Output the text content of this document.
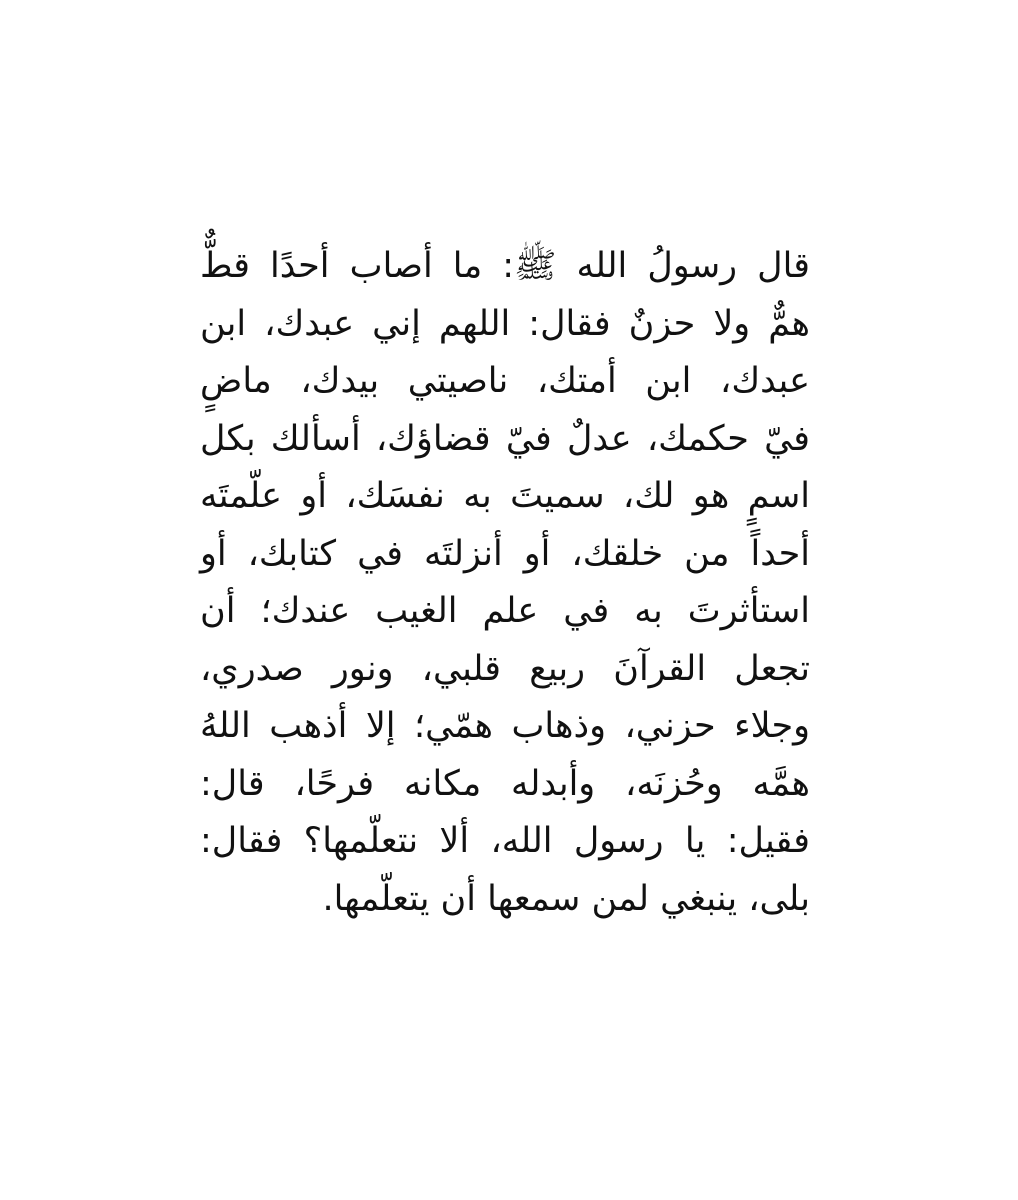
قال رسولُ الله ﷺ: ما أصاب أحدًا قطٌّ
همٌّ ولا حزنٌ فقال: اللهم إني عبدك، ابن
عبدك، ابن أمتك، ناصيتي بيدك، ماضٍ
فيّ حكمك، عدلٌ فيّ قضاؤك، أسألك بكل
اسمٍ هو لك، سميتَ به نفسَك، أو علّمتَه
أحداً من خلقك، أو أنزلتَه في كتابك، أو
استأثرتَ به في علم الغيب عندك؛ أن
تجعل القرآنَ ربيع قلبي، ونور صدري،
وجلاء حزني، وذهاب همّي؛ إلا أذهب اللهُ
همَّه وحُزنَه، وأبدله مكانه فرحًا، قال:
فقيل: يا رسول الله، ألا نتعلّمها؟ فقال:
بلى، ينبغي لمن سمعها أن يتعلّمها.
